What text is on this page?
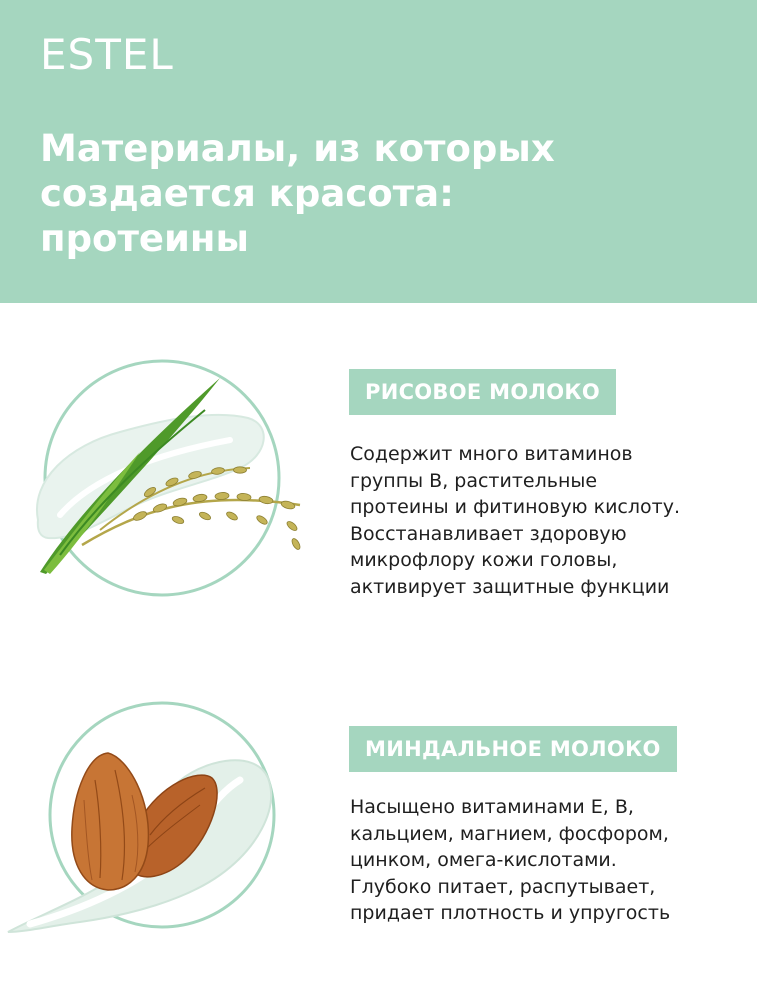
ESTEL
Материалы, из которых
создается красота:
протеины
РИСОВОЕ МОЛОКО
Содержит много витаминов
группы В, растительные
протеины и фитиновую кислоту.
Восстанавливает здоровую
микрофлору кожи головы,
активирует защитные функции
МИНДАЛЬНОЕ МОЛОКО
Насыщено витаминами Е, В,
кальцием, магнием, фосфором,
цинком, омега-кислотами.
Глубоко питает, распутывает,
придает плотность и упругость
